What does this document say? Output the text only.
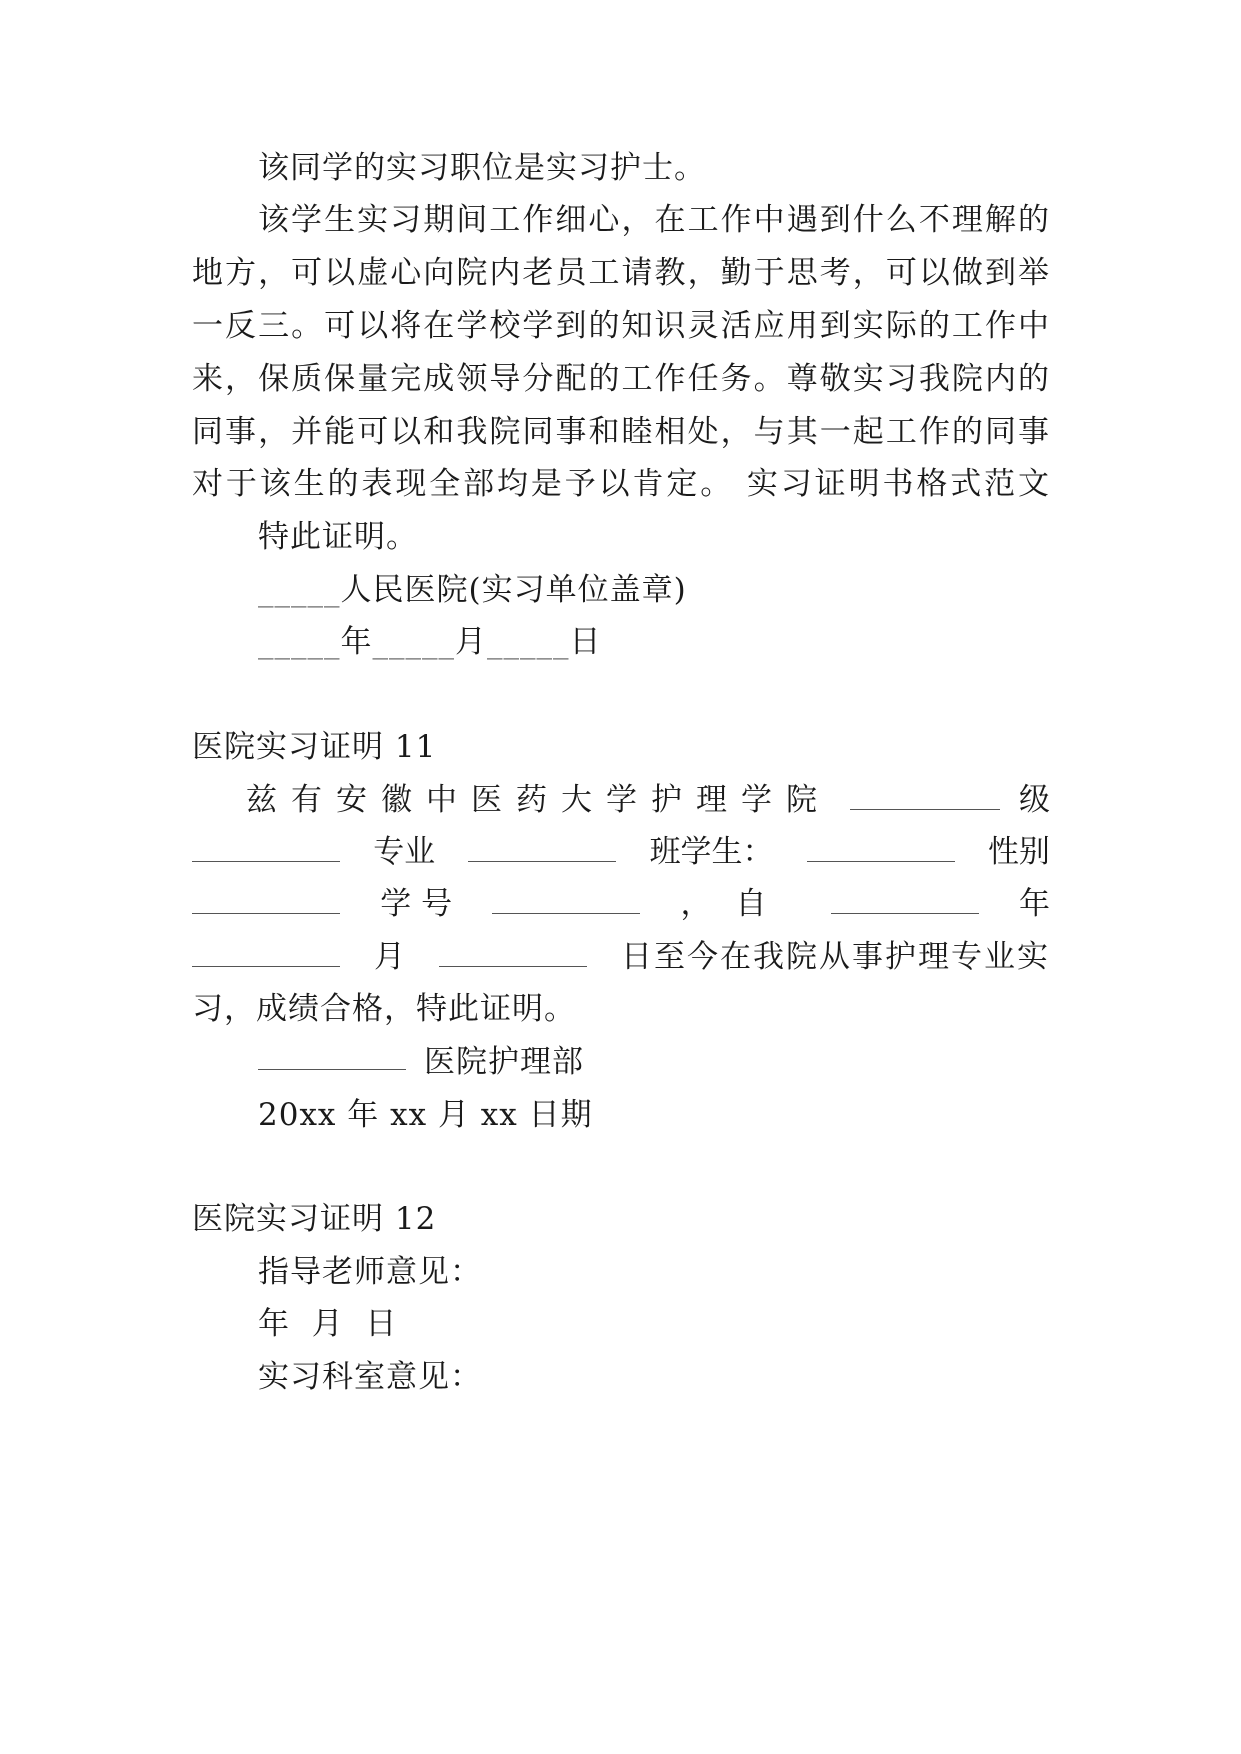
该同学的实习职位是实习护士。
该学生实习期间工作细心，在工作中遇到什么不理解的
地方，可以虚心向院内老员工请教，勤于思考，可以做到举
一反三。可以将在学校学到的知识灵活应用到实际的工作中
来，保质保量完成领导分配的工作任务。尊敬实习我院内的
同事，并能可以和我院同事和睦相处，与其一起工作的同事
对于该生的表现全部均是予以肯定。 实习证明书格式范文
特此证明。
_____人民医院(实习单位盖章)
_____年_____月_____日
医院实习证明 11
兹有安徽中医药大学护理学院	级
专业	班学生：	性别
学 号	，自	年
月	日至今在我院从事护理专业实
习，成绩合格，特此证明。
医院护理部
20xx 年 xx 月 xx 日期
医院实习证明 12
指导老师意见：
年  月  日
实习科室意见：
